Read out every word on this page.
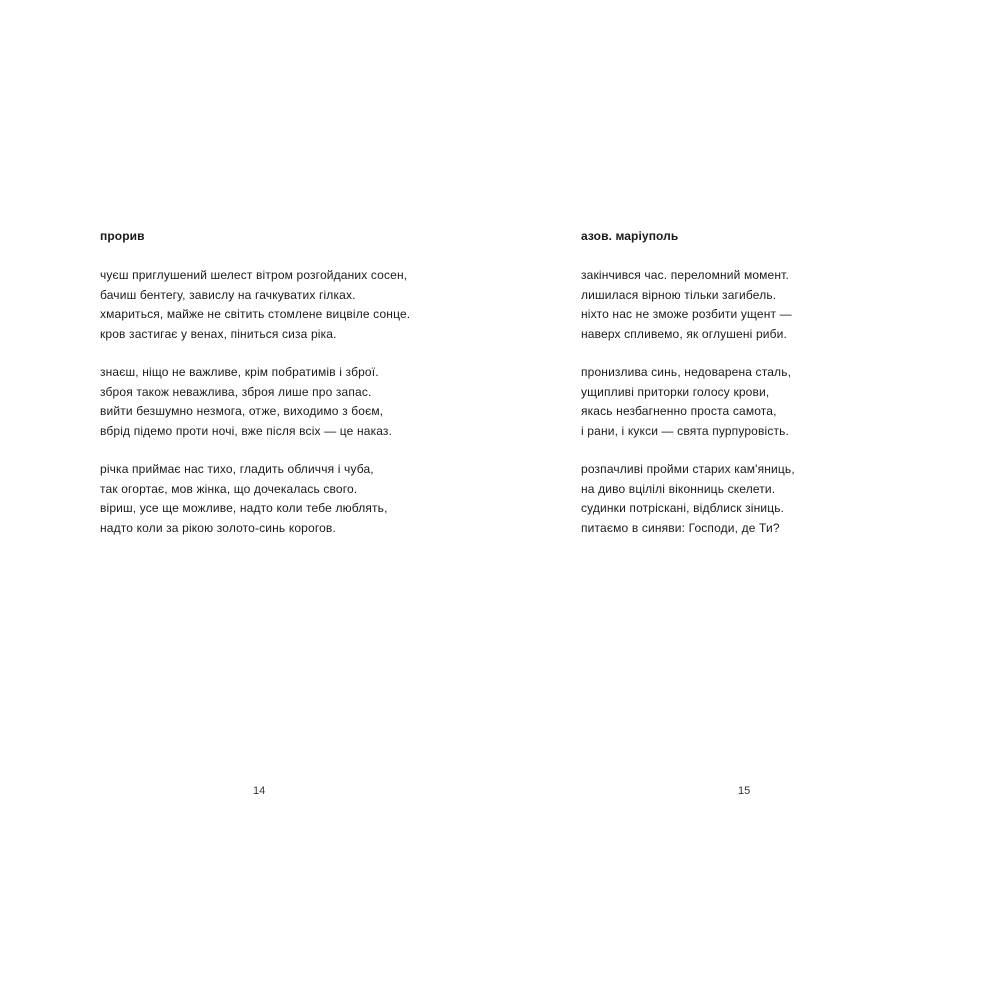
прорив
чуєш приглушений шелест вітром розгойданих сосен,
бачиш бентегу, завислу на гачкуватих гілках.
хмариться, майже не світить стомлене вицвіле сонце.
кров застигає у венах, піниться сиза ріка.
знаєш, ніщо не важливе, крім побратимів і зброї.
зброя також неважлива, зброя лише про запас.
вийти безшумно незмога, отже, виходимо з боєм,
вбрід підемо проти ночі, вже після всіх — це наказ.
річка приймає нас тихо, гладить обличчя і чуба,
так огортає, мов жінка, що дочекалась свого.
віриш, усе ще можливе, надто коли тебе люблять,
надто коли за рікою золото-синь корогов.
14
азов. маріуполь
закінчився час. переломний момент.
лишилася вірною тільки загибель.
ніхто нас не зможе розбити ущент —
наверх спливемо, як оглушені риби.
пронизлива синь, недоварена сталь,
ущипливі приторки голосу крови,
якась незбагненно проста самота,
і рани, і кукси — свята пурпуровість.
розпачливі пройми старих кам'яниць,
на диво вцілілі віконниць скелети.
судинки потріскані, відблиск зіниць.
питаємо в синяви: Господи, де Ти?
15
